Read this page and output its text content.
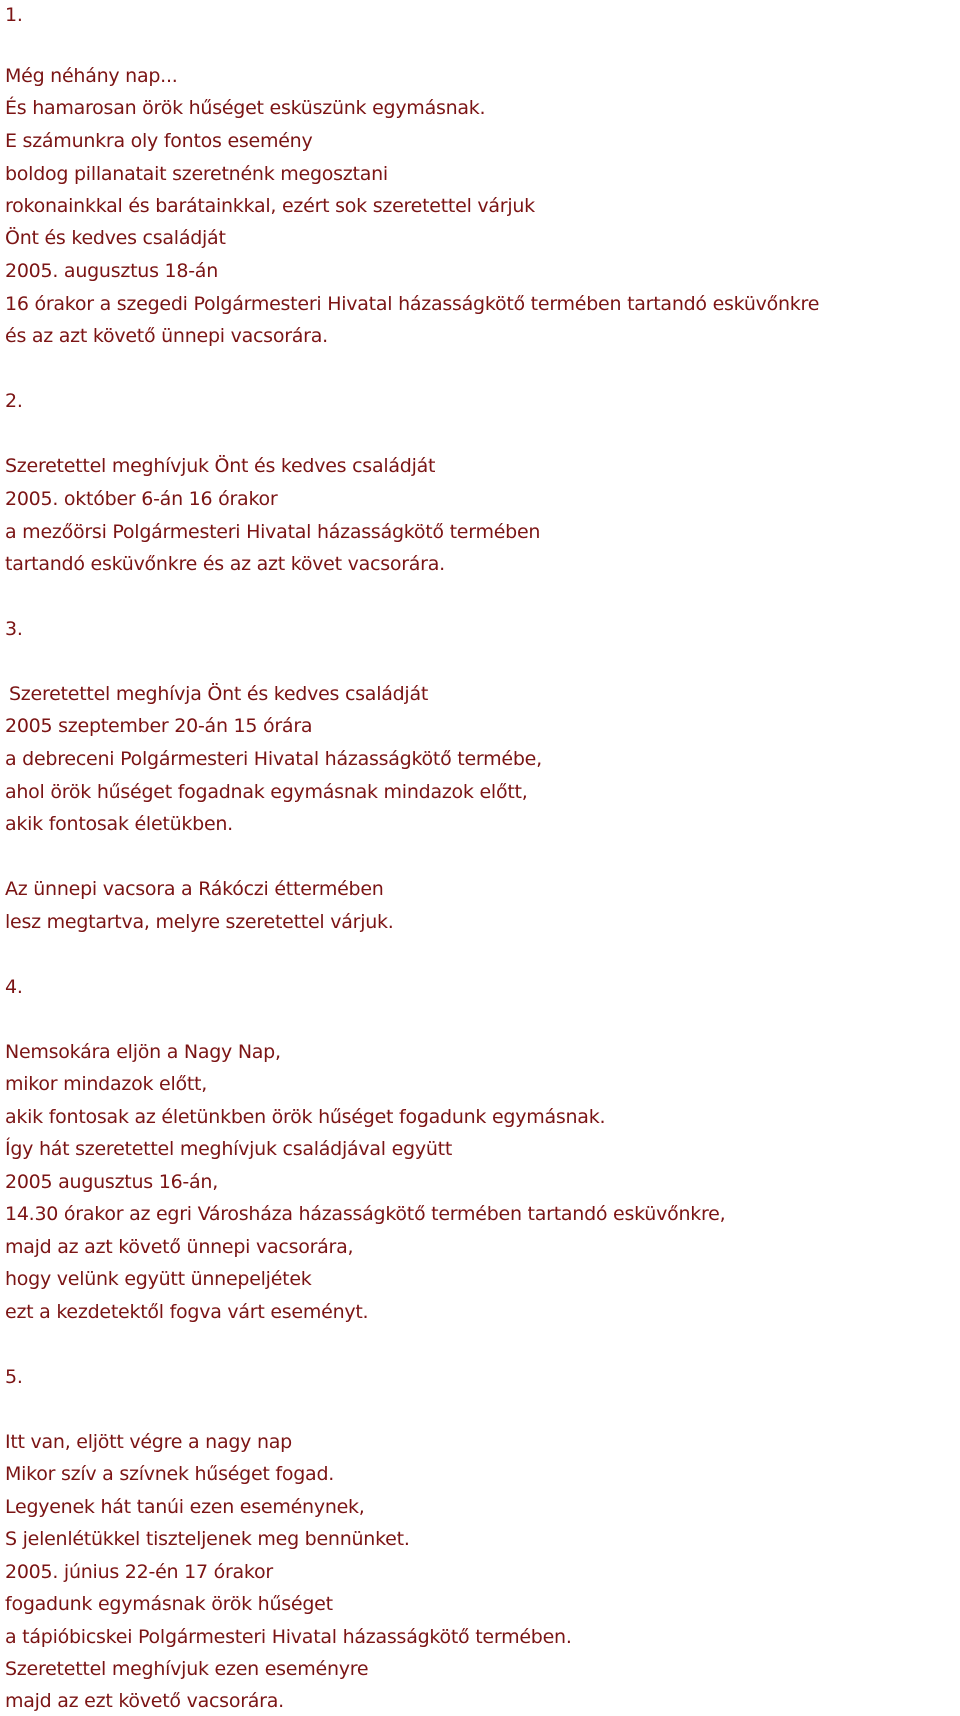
1.
Még néhány nap...
És hamarosan örök hűséget esküszünk egymásnak.
E számunkra oly fontos esemény
boldog pillanatait szeretnénk megosztani
rokonainkkal és barátainkkal, ezért sok szeretettel várjuk
Önt és kedves családját
2005. augusztus 18-án
16 órakor a szegedi Polgármesteri Hivatal házasságkötő termében tartandó esküvőnkre
és az azt követő ünnepi vacsorára.
2.
Szeretettel meghívjuk Önt és kedves családját
2005. október 6-án 16 órakor
a mezőörsi Polgármesteri Hivatal házasságkötő termében
tartandó esküvőnkre és az azt követ vacsorára.
3.
Szeretettel meghívja Önt és kedves családját
2005 szeptember 20-án 15 órára
a debreceni Polgármesteri Hivatal házasságkötő termébe,
ahol örök hűséget fogadnak egymásnak mindazok előtt,
akik fontosak életükben.
Az ünnepi vacsora a Rákóczi éttermében
lesz megtartva, melyre szeretettel várjuk.
4.
Nemsokára eljön a Nagy Nap,
mikor mindazok előtt,
akik fontosak az életünkben örök hűséget fogadunk egymásnak.
Így hát szeretettel meghívjuk családjával együtt
2005 augusztus 16-án,
14.30 órakor az egri Városháza házasságkötő termében tartandó esküvőnkre,
majd az azt követő ünnepi vacsorára,
hogy velünk együtt ünnepeljétek
ezt a kezdetektől fogva várt eseményt.
5.
Itt van, eljött végre a nagy nap
Mikor szív a szívnek hűséget fogad.
Legyenek hát tanúi ezen eseménynek,
S jelenlétükkel tiszteljenek meg bennünket.
2005. június 22-én 17 órakor
fogadunk egymásnak örök hűséget
a tápióbicskei Polgármesteri Hivatal házasságkötő termében.
Szeretettel meghívjuk ezen eseményre
majd az ezt követő vacsorára.
